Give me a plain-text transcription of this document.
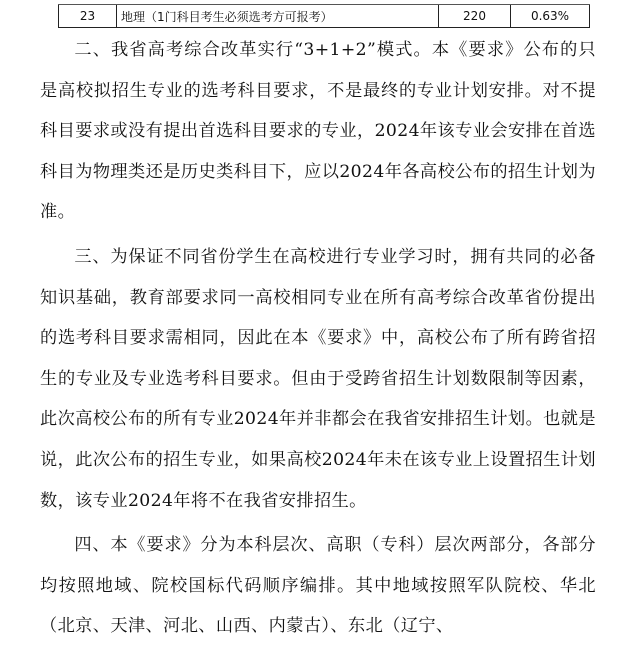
23	地理（1门科目考生必须选考方可报考）	220	0.63%

二、我省高考综合改革实行“3+1+2”模式。本《要求》公布的只是高校拟招生专业的选考科目要求，不是最终的专业计划安排。对不提科目要求或没有提出首选科目要求的专业，2024年该专业会安排在首选科目为物理类还是历史类科目下，应以2024年各高校公布的招生计划为准。

三、为保证不同省份学生在高校进行专业学习时，拥有共同的必备知识基础，教育部要求同一高校相同专业在所有高考综合改革省份提出的选考科目要求需相同，因此在本《要求》中，高校公布了所有跨省招生的专业及专业选考科目要求。但由于受跨省招生计划数限制等因素，此次高校公布的所有专业2024年并非都会在我省安排招生计划。也就是说，此次公布的招生专业，如果高校2024年未在该专业上设置招生计划数，该专业2024年将不在我省安排招生。

四、本《要求》分为本科层次、高职（专科）层次两部分，各部分均按照地域、院校国标代码顺序编排。其中地域按照军队院校、华北（北京、天津、河北、山西、内蒙古）、东北（辽宁、
